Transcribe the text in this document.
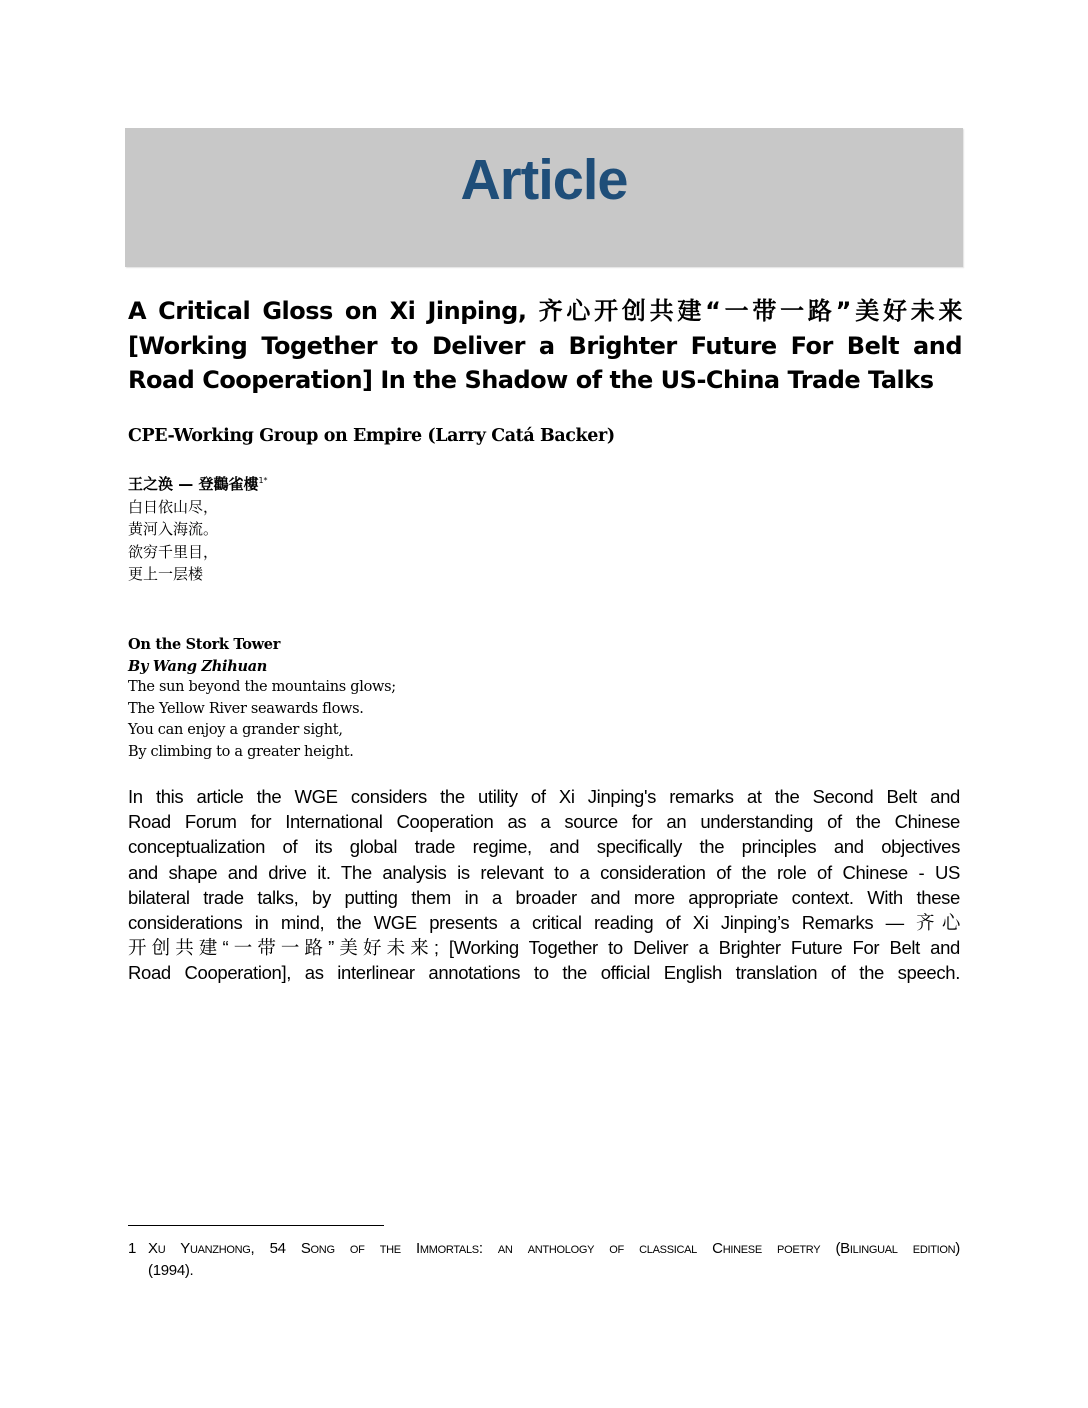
Article
A Critical Gloss on Xi Jinping, 齐心开创共建“一带一路”美好未来
[Working Together to Deliver a Brighter Future For Belt and
Road Cooperation] In the Shadow of the US-China Trade Talks

CPE-Working Group on Empire (Larry Catá Backer)

王之涣 — 登鸛雀樓$^{1*}$
白日依山尽，
黄河入海流。
欲穷千里目，
更上一层楼
On the Stork Tower
By Wang Zhihuan
The sun beyond the mountains glows;
The Yellow River seawards flows.
You can enjoy a grander sight,
By climbing to a greater height.
In this article the WGE considers the utility of Xi Jinping's remarks at the Second Belt and
Road Forum for International Cooperation as a source for an understanding of the Chinese
conceptualization of its global trade regime, and specifically the principles and objectives
and shape and drive it. The analysis is relevant to a consideration of the role of Chinese - US
bilateral trade talks, by putting them in a broader and more appropriate context. With these
considerations in mind, the WGE presents a critical reading of Xi Jinping’s Remarks — 齐心
开创共建“一带一路”美好未来; [Working Together to Deliver a Brighter Future For Belt and
Road Cooperation], as interlinear annotations to the official English translation of the speech.
1 Xu Yuanzhong, 54 Song of the Immortals: an anthology of classical Chinese poetry (Bilingual edition)
(1994).
